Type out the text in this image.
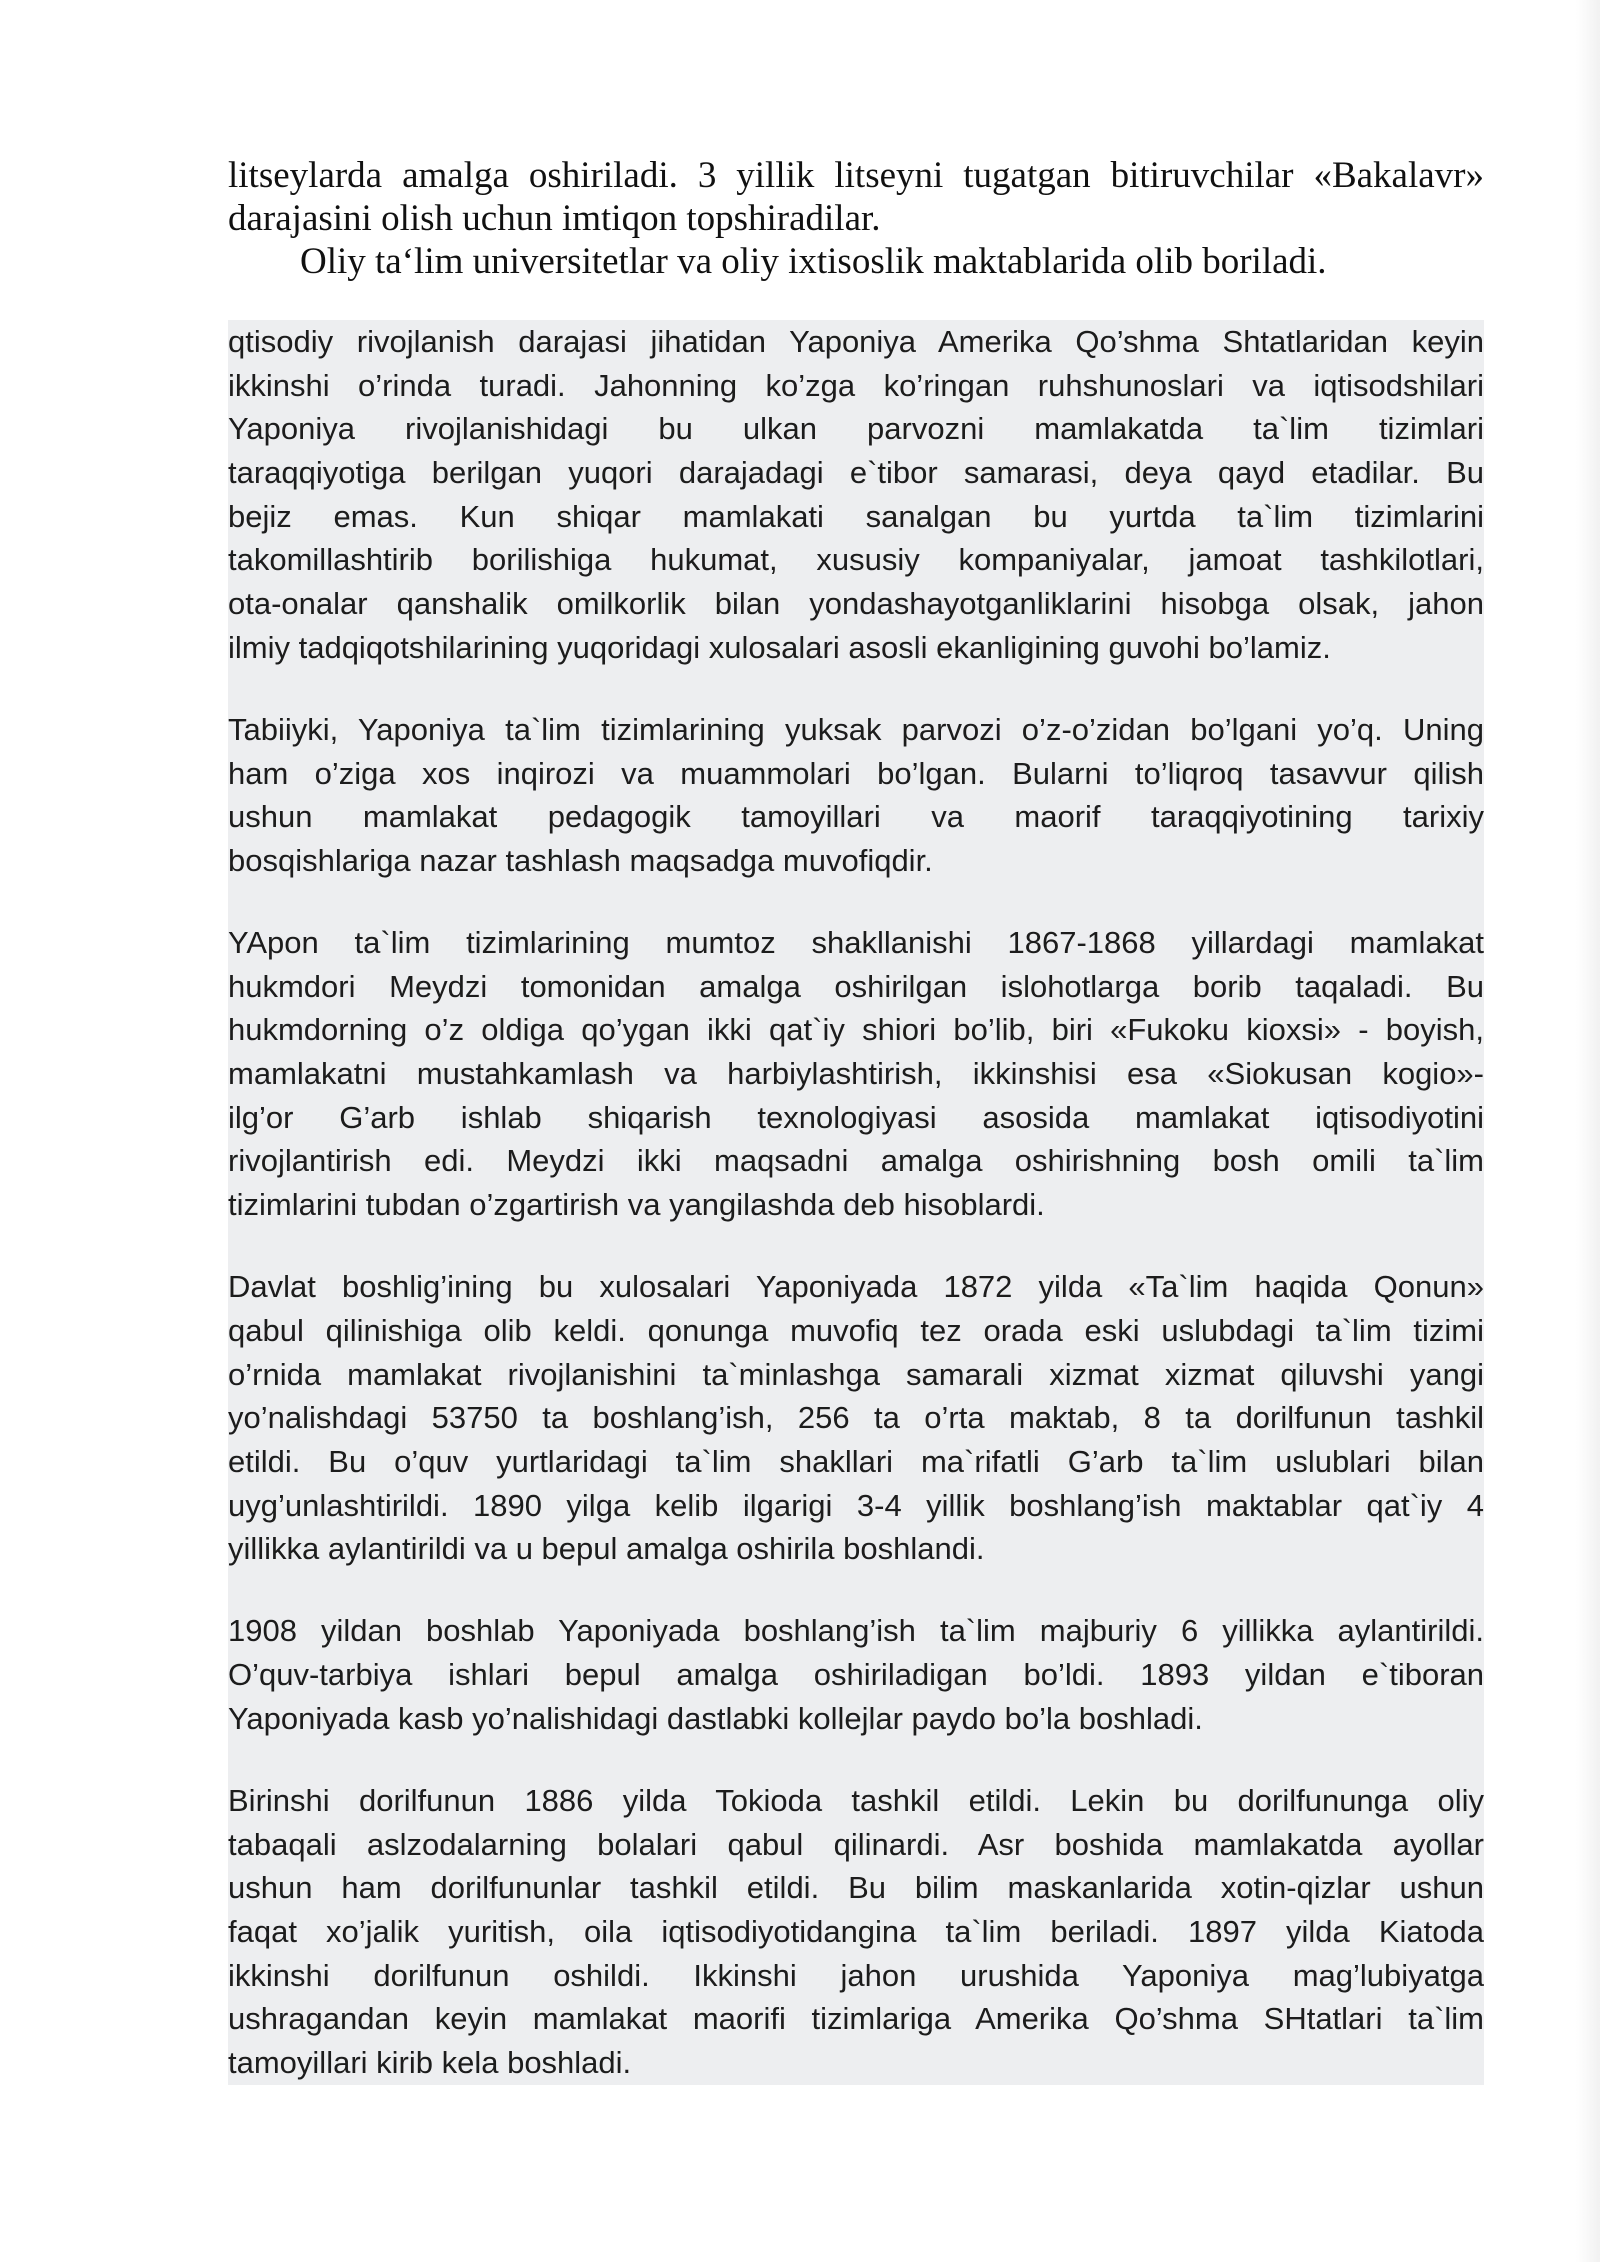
litseylarda amalga oshiriladi. 3 yillik litseyni tugatgan bitiruvchilar «Bakalavr»
darajasini olish uchun imtiqon topshiradilar.
Oliy ta‘lim universitetlar va oliy ixtisoslik maktablarida olib boriladi.
qtisodiy rivojlanish darajasi jihatidan Yaponiya Amerika Qo’shma Shtatlaridan keyin
ikkinshi o’rinda turadi. Jahonning ko’zga ko’ringan ruhshunoslari va iqtisodshilari
Yaponiya rivojlanishidagi bu ulkan parvozni mamlakatda ta`lim tizimlari
taraqqiyotiga berilgan yuqori darajadagi e`tibor samarasi, deya qayd etadilar. Bu
bejiz emas. Kun shiqar mamlakati sanalgan bu yurtda ta`lim tizimlarini
takomillashtirib borilishiga hukumat, xususiy kompaniyalar, jamoat tashkilotlari,
ota-onalar qanshalik omilkorlik bilan yondashayotganliklarini hisobga olsak, jahon
ilmiy tadqiqotshilarining yuqoridagi xulosalari asosli ekanligining guvohi bo’lamiz.
Tabiiyki, Yaponiya ta`lim tizimlarining yuksak parvozi o’z-o’zidan bo’lgani yo’q. Uning
ham o’ziga xos inqirozi va muammolari bo’lgan. Bularni to’liqroq tasavvur qilish
ushun mamlakat pedagogik tamoyillari va maorif taraqqiyotining tarixiy
bosqishlariga nazar tashlash maqsadga muvofiqdir.
YApon ta`lim tizimlarining mumtoz shakllanishi 1867-1868 yillardagi mamlakat
hukmdori Meydzi tomonidan amalga oshirilgan islohotlarga borib taqaladi. Bu
hukmdorning o’z oldiga qo’ygan ikki qat`iy shiori bo’lib, biri «Fukoku kioxsi» - boyish,
mamlakatni mustahkamlash va harbiylashtirish, ikkinshisi esa «Siokusan kogio»-
ilg’or G’arb ishlab shiqarish texnologiyasi asosida mamlakat iqtisodiyotini
rivojlantirish edi. Meydzi ikki maqsadni amalga oshirishning bosh omili ta`lim
tizimlarini tubdan o’zgartirish va yangilashda deb hisoblardi.
Davlat boshlig’ining bu xulosalari Yaponiyada 1872 yilda «Ta`lim haqida Qonun»
qabul qilinishiga olib keldi. qonunga muvofiq tez orada eski uslubdagi ta`lim tizimi
o’rnida mamlakat rivojlanishini ta`minlashga samarali xizmat xizmat qiluvshi yangi
yo’nalishdagi 53750 ta boshlang’ish, 256 ta o’rta maktab, 8 ta dorilfunun tashkil
etildi. Bu o’quv yurtlaridagi ta`lim shakllari ma`rifatli G’arb ta`lim uslublari bilan
uyg’unlashtirildi. 1890 yilga kelib ilgarigi 3-4 yillik boshlang’ish maktablar qat`iy 4
yillikka aylantirildi va u bepul amalga oshirila boshlandi.
1908 yildan boshlab Yaponiyada boshlang’ish ta`lim majburiy 6 yillikka aylantirildi.
O’quv-tarbiya ishlari bepul amalga oshiriladigan bo’ldi. 1893 yildan e`tiboran
Yaponiyada kasb yo’nalishidagi dastlabki kollejlar paydo bo’la boshladi.
Birinshi dorilfunun 1886 yilda Tokioda tashkil etildi. Lekin bu dorilfununga oliy
tabaqali aslzodalarning bolalari qabul qilinardi. Asr boshida mamlakatda ayollar
ushun ham dorilfununlar tashkil etildi. Bu bilim maskanlarida xotin-qizlar ushun
faqat xo’jalik yuritish, oila iqtisodiyotidangina ta`lim beriladi. 1897 yilda Kiatoda
ikkinshi dorilfunun oshildi. Ikkinshi jahon urushida Yaponiya mag’lubiyatga
ushragandan keyin mamlakat maorifi tizimlariga Amerika Qo’shma SHtatlari ta`lim
tamoyillari kirib kela boshladi.
